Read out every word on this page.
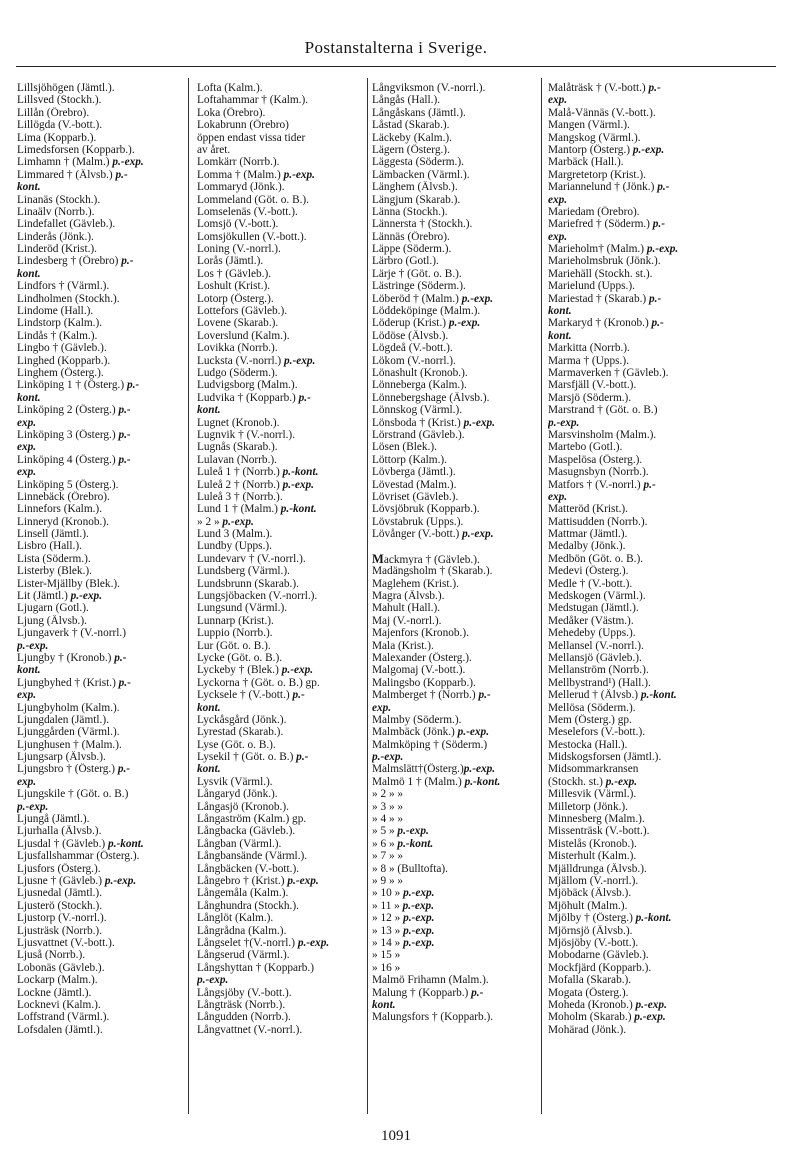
Postanstalterna i Sverige.
Lillsjöhögen (Jämtl.).
Lillsved (Stockh.).
Lillån (Örebro).
Lillögda (V.-bott.).
Lima (Kopparb.).
Limedsforsen (Kopparb.).
Limhamn † (Malm.) p.-exp.
Limmared † (Älvsb.) p.-
kont.
Linanäs (Stockh.).
Linaälv (Norrb.).
Lindefallet (Gävleb.).
Linderås (Jönk.).
Linderöd (Krist.).
Lindesberg † (Örebro) p.-
kont.
Lindfors † (Värml.).
Lindholmen (Stockh.).
Lindome (Hall.).
Lindstorp (Kalm.).
Lindås † (Kalm.).
Lingbo † (Gävleb.).
Linghed (Kopparb.).
Linghem (Österg.).
Linköping 1 † (Österg.) p.-
kont.
Linköping 2 (Österg.) p.-
exp.
Linköping 3 (Österg.) p.-
exp.
Linköping 4 (Österg.) p.-
exp.
Linköping 5 (Österg.).
Linnebäck (Örebro).
Linnefors (Kalm.).
Linneryd (Kronob.).
Linsell (Jämtl.).
Lisbro (Hall.).
Lista (Söderm.).
Listerby (Blek.).
Lister-Mjällby (Blek.).
Lit (Jämtl.) p.-exp.
Ljugarn (Gotl.).
Ljung (Älvsb.).
Ljungaverk † (V.-norrl.)
p.-exp.
Ljungby † (Kronob.) p.-
kont.
Ljungbyhed † (Krist.) p.-
exp.
Ljungbyholm (Kalm.).
Ljungdalen (Jämtl.).
Ljunggården (Värml.).
Ljunghusen † (Malm.).
Ljungsarp (Älvsb.).
Ljungsbro † (Österg.) p.-
exp.
Ljungskile † (Göt. o. B.)
p.-exp.
Ljungå (Jämtl.).
Ljurhalla (Älvsb.).
Ljusdal † (Gävleb.) p.-kont.
Ljusfallshammar (Österg.).
Ljusfors (Österg.).
Ljusne † (Gävleb.) p.-exp.
Ljusnedal (Jämtl.).
Ljusterö (Stockh.).
Ljustorp (V.-norrl.).
Ljusträsk (Norrb.).
Ljusvattnet (V.-bott.).
Ljuså (Norrb.).
Lobonäs (Gävleb.).
Lockarp (Malm.).
Lockne (Jämtl.).
Locknevi (Kalm.).
Loffstrand (Värml.).
Lofsdalen (Jämtl.).
Lofta (Kalm.).
Loftahammar † (Kalm.).
Loka (Örebro).
Lokabrunn (Örebro)
öppen endast vissa tider
av året.
Lomkärr (Norrb.).
Lomma † (Malm.) p.-exp.
Lommaryd (Jönk.).
Lommeland (Göt. o. B.).
Lomselenäs (V.-bott.).
Lomsjö (V.-bott.).
Lomsjökullen (V.-bott.).
Loning (V.-norrl.).
Lorås (Jämtl.).
Los † (Gävleb.).
Loshult (Krist.).
Lotorp (Österg.).
Lottefors (Gävleb.).
Lovene (Skarab.).
Loverslund (Kalm.).
Lovikka (Norrb.).
Lucksta (V.-norrl.) p.-exp.
Ludgo (Söderm.).
Ludvigsborg (Malm.).
Ludvika † (Kopparb.) p.-
kont.
Lugnet (Kronob.).
Lugnvik † (V.-norrl.).
Lugnås (Skarab.).
Lulavan (Norrb.).
Luleå 1 † (Norrb.) p.-kont.
Luleå 2 † (Norrb.) p.-exp.
Luleå 3 † (Norrb.).
Lund 1 † (Malm.) p.-kont.
» 2 » p.-exp.
Lund 3 (Malm.).
Lundby (Upps.).
Lundevarv † (V.-norrl.).
Lundsberg (Värml.).
Lundsbrunn (Skarab.).
Lungsjöbacken (V.-norrl.).
Lungsund (Värml.).
Lunnarp (Krist.).
Luppio (Norrb.).
Lur (Göt. o. B.).
Lycke (Göt. o. B.).
Lyckeby † (Blek.) p.-exp.
Lyckorna † (Göt. o. B.) gp.
Lycksele † (V.-bott.) p.-
kont.
Lyckåsgård (Jönk.).
Lyrestad (Skarab.).
Lyse (Göt. o. B.).
Lysekil † (Göt. o. B.) p.-
kont.
Lysvik (Värml.).
Långaryd (Jönk.).
Långasjö (Kronob.).
Långaström (Kalm.) gp.
Långbacka (Gävleb.).
Långban (Värml.).
Långbansände (Värml.).
Långbäcken (V.-bott.).
Långebro † (Krist.) p.-exp.
Långemåla (Kalm.).
Långhundra (Stockh.).
Långlöt (Kalm.).
Långrådna (Kalm.).
Långselet †(V.-norrl.) p.-exp.
Långserud (Värml.).
Långshyttan † (Kopparb.)
p.-exp.
Långsjöby (V.-bott.).
Långträsk (Norrb.).
Långudden (Norrb.).
Långvattnet (V.-norrl.).
Långviksmon (V.-norrl.).
Långås (Hall.).
Långåskans (Jämtl.).
Låstad (Skarab.).
Läckeby (Kalm.).
Lägern (Österg.).
Läggesta (Söderm.).
Lämbacken (Värml.).
Länghem (Älvsb.).
Längjum (Skarab.).
Länna (Stockh.).
Lännersta † (Stockh.).
Lännäs (Örebro).
Läppe (Söderm.).
Lärbro (Gotl.).
Lärje † (Göt. o. B.).
Lästringe (Söderm.).
Löberöd † (Malm.) p.-exp.
Löddeköpinge (Malm.).
Löderup (Krist.) p.-exp.
Lödöse (Älvsb.).
Lögdeå (V.-bott.).
Lökom (V.-norrl.).
Lönashult (Kronob.).
Lönneberga (Kalm.).
Lönnebergshage (Älvsb.).
Lönnskog (Värml.).
Lönsboda † (Krist.) p.-exp.
Lörstrand (Gävleb.).
Lösen (Blek.).
Löttorp (Kalm.).
Lövberga (Jämtl.).
Lövestad (Malm.).
Lövriset (Gävleb.).
Lövsjöbruk (Kopparb.).
Lövstabruk (Upps.).
Lövånger (V.-bott.) p.-exp.
Mackmyra † (Gävleb.).
Madängsholm † (Skarab.).
Maglehem (Krist.).
Magra (Älvsb.).
Mahult (Hall.).
Maj (V.-norrl.).
Majenfors (Kronob.).
Mala (Krist.).
Malexander (Österg.).
Malgomaj (V.-bott.).
Malingsbo (Kopparb.).
Malmberget † (Norrb.) p.-
exp.
Malmby (Söderm.).
Malmbäck (Jönk.) p.-exp.
Malmköping † (Söderm.)
p.-exp.
Malmslätt†(Österg.)p.-exp.
Malmö 1 † (Malm.) p.-kont.
» 2 » »
» 3 » »
» 4 » »
» 5 » p.-exp.
» 6 » p.-kont.
» 7 » »
» 8 » (Bulltofta).
» 9 » »
» 10 » p.-exp.
» 11 » p.-exp.
» 12 » p.-exp.
» 13 » p.-exp.
» 14 » p.-exp.
» 15 »
» 16 »
Malmö Frihamn (Malm.).
Malung † (Kopparb.) p.-
kont.
Malungsfors † (Kopparb.).
Malåträsk † (V.-bott.) p.-
exp.
Malå-Vännäs (V.-bott.).
Mangen (Värml.).
Mangskog (Värml.).
Mantorp (Österg.) p.-exp.
Marbäck (Hall.).
Margretetorp (Krist.).
Mariannelund † (Jönk.) p.-
exp.
Mariedam (Örebro).
Mariefred † (Söderm.) p.-
exp.
Marieholm† (Malm.) p.-exp.
Marieholmsbruk (Jönk.).
Mariehäll (Stockh. st.).
Marielund (Upps.).
Mariestad † (Skarab.) p.-
kont.
Markaryd † (Kronob.) p.-
kont.
Markitta (Norrb.).
Marma † (Upps.).
Marmaverken † (Gävleb.).
Marsfjäll (V.-bott.).
Marsjö (Söderm.).
Marstrand † (Göt. o. B.)
p.-exp.
Marsvinsholm (Malm.).
Martebo (Gotl.).
Maspelösa (Österg.).
Masugnsbyn (Norrb.).
Matfors † (V.-norrl.) p.-
exp.
Matteröd (Krist.).
Mattisudden (Norrb.).
Mattmar (Jämtl.).
Medalby (Jönk.).
Medbön (Göt. o. B.).
Medevi (Österg.).
Medle † (V.-bott.).
Medskogen (Värml.).
Medstugan (Jämtl.).
Medåker (Västm.).
Mehedeby (Upps.).
Mellansel (V.-norrl.).
Mellansjö (Gävleb.).
Mellanström (Norrb.).
Mellbystrand¹) (Hall.).
Mellerud † (Älvsb.) p.-kont.
Mellösa (Söderm.).
Mem (Österg.) gp.
Meselefors (V.-bott.).
Mestocka (Hall.).
Midskogsforsen (Jämtl.).
Midsommarkransen
(Stockh. st.) p.-exp.
Millesvik (Värml.).
Milletorp (Jönk.).
Minnesberg (Malm.).
Missenträsk (V.-bott.).
Mistelås (Kronob.).
Misterhult (Kalm.).
Mjälldrunga (Älvsb.).
Mjällom (V.-norrl.).
Mjöbäck (Älvsb.).
Mjöhult (Malm.).
Mjölby † (Österg.) p.-kont.
Mjörnsjö (Älvsb.).
Mjösjöby (V.-bott.).
Mobodarne (Gävleb.).
Mockfjärd (Kopparb.).
Mofalla (Skarab.).
Mogata (Österg.).
Moheda (Kronob.) p.-exp.
Moholm (Skarab.) p.-exp.
Mohärad (Jönk.).
1091
